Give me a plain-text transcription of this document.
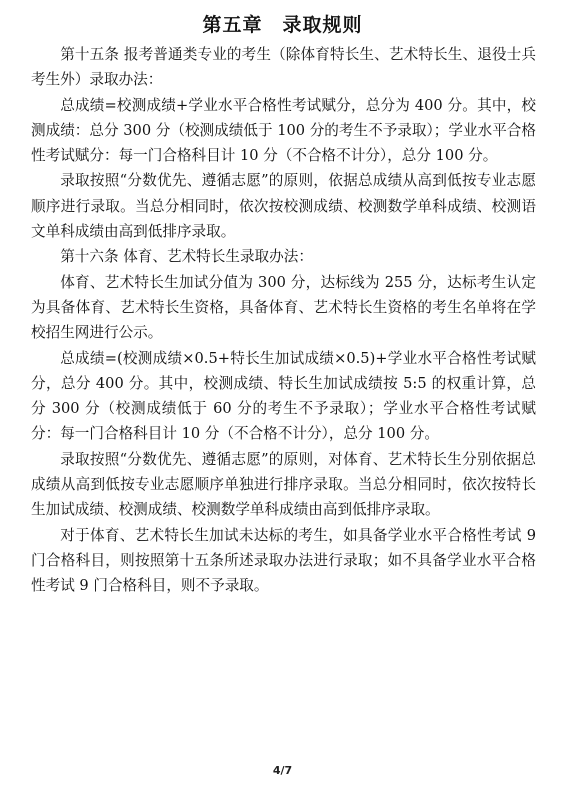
第五章　录取规则

第十五条 报考普通类专业的考生（除体育特长生、艺术特长生、退役士兵考生外）录取办法：

总成绩=校测成绩+学业水平合格性考试赋分，总分为 400 分。其中，校测成绩：总分 300 分（校测成绩低于 100 分的考生不予录取）；学业水平合格性考试赋分：每一门合格科目计 10 分（不合格不计分），总分 100 分。

录取按照“分数优先、遵循志愿”的原则，依据总成绩从高到低按专业志愿顺序进行录取。当总分相同时，依次按校测成绩、校测数学单科成绩、校测语文单科成绩由高到低排序录取。

第十六条 体育、艺术特长生录取办法：

体育、艺术特长生加试分值为 300 分，达标线为 255 分，达标考生认定为具备体育、艺术特长生资格，具备体育、艺术特长生资格的考生名单将在学校招生网进行公示。

总成绩=(校测成绩×0.5+特长生加试成绩×0.5)+学业水平合格性考试赋分，总分 400 分。其中，校测成绩、特长生加试成绩按 5:5 的权重计算，总分 300 分（校测成绩低于 60 分的考生不予录取）；学业水平合格性考试赋分：每一门合格科目计 10 分（不合格不计分），总分 100 分。

录取按照“分数优先、遵循志愿”的原则，对体育、艺术特长生分别依据总成绩从高到低按专业志愿顺序单独进行排序录取。当总分相同时，依次按特长生加试成绩、校测成绩、校测数学单科成绩由高到低排序录取。

对于体育、艺术特长生加试未达标的考生，如具备学业水平合格性考试 9 门合格科目，则按照第十五条所述录取办法进行录取；如不具备学业水平合格性考试 9 门合格科目，则不予录取。

4/7
